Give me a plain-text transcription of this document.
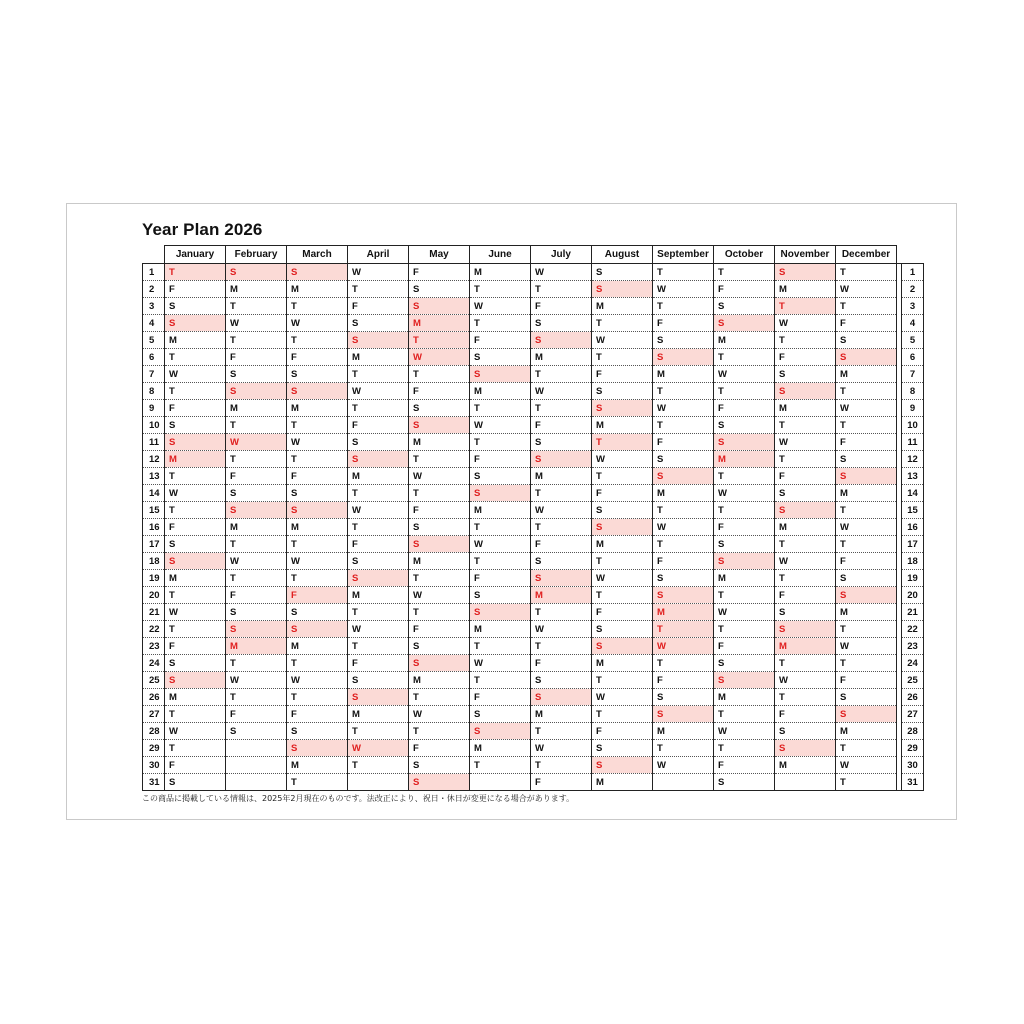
Year Plan 2026
	January	February	March	April	May	June	July	August	September	October	November	December		
1	T	S	S	W	F	M	W	S	T	T	S	T		1
2	F	M	M	T	S	T	T	S	W	F	M	W		2
3	S	T	T	F	S	W	F	M	T	S	T	T		3
4	S	W	W	S	M	T	S	T	F	S	W	F		4
5	M	T	T	S	T	F	S	W	S	M	T	S		5
6	T	F	F	M	W	S	M	T	S	T	F	S		6
7	W	S	S	T	T	S	T	F	M	W	S	M		7
8	T	S	S	W	F	M	W	S	T	T	S	T		8
9	F	M	M	T	S	T	T	S	W	F	M	W		9
10	S	T	T	F	S	W	F	M	T	S	T	T		10
11	S	W	W	S	M	T	S	T	F	S	W	F		11
12	M	T	T	S	T	F	S	W	S	M	T	S		12
13	T	F	F	M	W	S	M	T	S	T	F	S		13
14	W	S	S	T	T	S	T	F	M	W	S	M		14
15	T	S	S	W	F	M	W	S	T	T	S	T		15
16	F	M	M	T	S	T	T	S	W	F	M	W		16
17	S	T	T	F	S	W	F	M	T	S	T	T		17
18	S	W	W	S	M	T	S	T	F	S	W	F		18
19	M	T	T	S	T	F	S	W	S	M	T	S		19
20	T	F	F	M	W	S	M	T	S	T	F	S		20
21	W	S	S	T	T	S	T	F	M	W	S	M		21
22	T	S	S	W	F	M	W	S	T	T	S	T		22
23	F	M	M	T	S	T	T	S	W	F	M	W		23
24	S	T	T	F	S	W	F	M	T	S	T	T		24
25	S	W	W	S	M	T	S	T	F	S	W	F		25
26	M	T	T	S	T	F	S	W	S	M	T	S		26
27	T	F	F	M	W	S	M	T	S	T	F	S		27
28	W	S	S	T	T	S	T	F	M	W	S	M		28
29	T		S	W	F	M	W	S	T	T	S	T		29
30	F		M	T	S	T	T	S	W	F	M	W		30
31	S		T		S		F	M		S		T		31
この商品に掲載している情報は、2025年2月現在のものです。法改正により、祝日・休日が変更になる場合があります。
